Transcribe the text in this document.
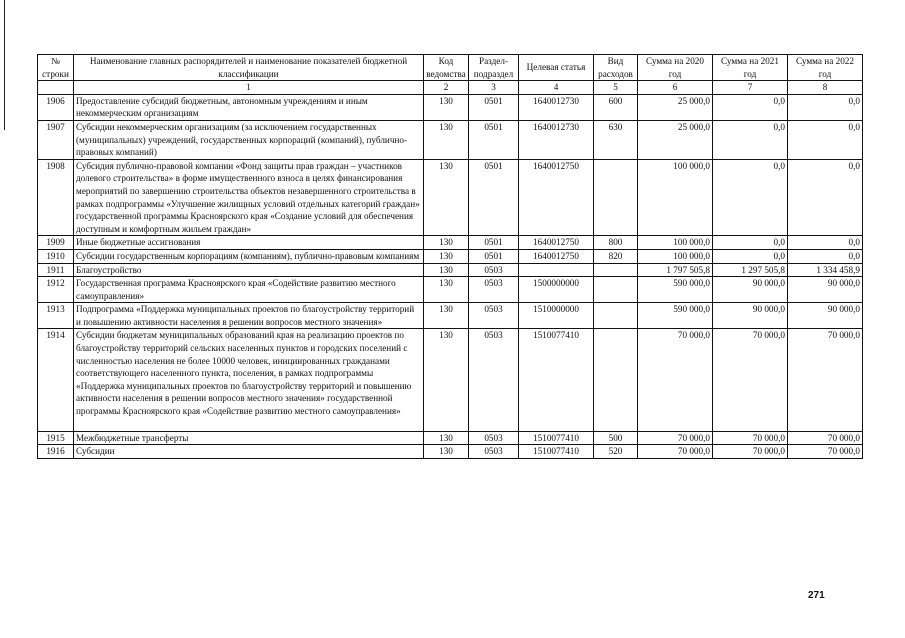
№ строки	Наименование главных распорядителей и наименование показателей бюджетной классификации	Код ведомства	Раздел-подраздел	Целевая статья	Вид расходов	Сумма на 2020 год	Сумма на 2021 год	Сумма на 2022 год
	1	2	3	4	5	6	7	8
1906	Предоставление субсидий бюджетным, автономным учреждениям и иным некоммерческим организациям	130	0501	1640012730	600	25 000,0	0,0	0,0
1907	Субсидии некоммерческим организациям (за исключением государственных (муниципальных) учреждений, государственных корпораций (компаний), публично-правовых компаний)	130	0501	1640012730	630	25 000,0	0,0	0,0
1908	Субсидия публично-правовой компании «Фонд защиты прав граждан – участников долевого строительства» в форме имущественного взноса в целях финансирования мероприятий по завершению строительства объектов незавершенного строительства в рамках подпрограммы «Улучшение жилищных условий отдельных категорий граждан» государственной программы Красноярского края «Создание условий для обеспечения доступным и комфортным жильем граждан»	130	0501	1640012750		100 000,0	0,0	0,0
1909	Иные бюджетные ассигнования	130	0501	1640012750	800	100 000,0	0,0	0,0
1910	Субсидии государственным корпорациям (компаниям), публично-правовым компаниям	130	0501	1640012750	820	100 000,0	0,0	0,0
1911	Благоустройство	130	0503			1 797 505,8	1 297 505,8	1 334 458,9
1912	Государственная программа Красноярского края «Содействие развитию местного самоуправления»	130	0503	1500000000		590 000,0	90 000,0	90 000,0
1913	Подпрограмма «Поддержка муниципальных проектов по благоустройству территорий и повышению активности населения в решении вопросов местного значения»	130	0503	1510000000		590 000,0	90 000,0	90 000,0
1914	Субсидии бюджетам муниципальных образований края на реализацию проектов по благоустройству территорий сельских населенных пунктов и городских поселений с численностью населения не более 10000 человек, инициированных гражданами соответствующего населенного пункта, поселения, в рамках подпрограммы «Поддержка муниципальных проектов по благоустройству территорий и повышению активности населения в решении вопросов местного значения» государственной программы Красноярского края «Содействие развитию местного самоуправления»	130	0503	1510077410		70 000,0	70 000,0	70 000,0
1915	Межбюджетные трансферты	130	0503	1510077410	500	70 000,0	70 000,0	70 000,0
1916	Субсидии	130	0503	1510077410	520	70 000,0	70 000,0	70 000,0
271
